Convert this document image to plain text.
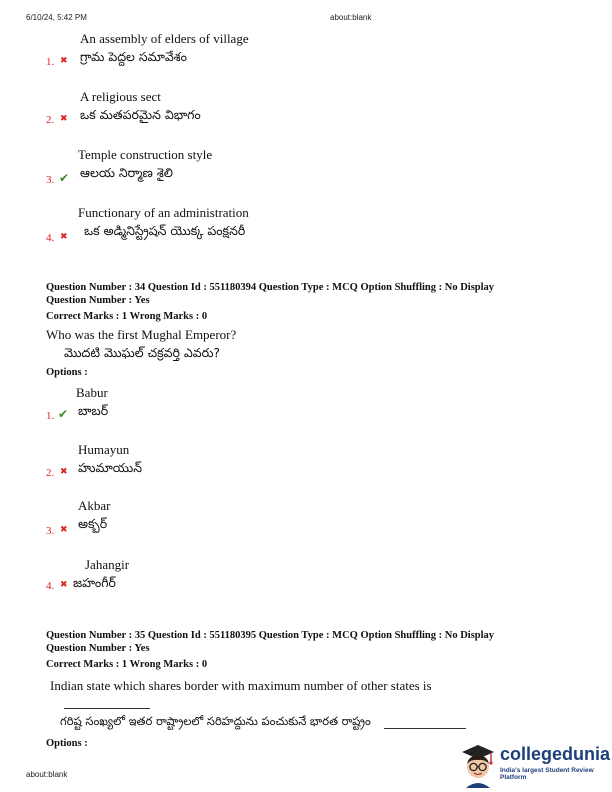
6/10/24, 5:42 PM	about:blank
An assembly of elders of village
1. ✖ గ్రామ పెద్దల సమావేశం
A religious sect
2. ✖ ఒక మతపరమైన విభాగం
Temple construction style
3. ✔ ఆలయ నిర్మాణ శైలి
Functionary of an administration
4. ✖ ఒక అడ్మినిస్ట్రేషన్ యొక్క పంక్షనరీ
Question Number : 34 Question Id : 551180394 Question Type : MCQ Option Shuffling : No Display
Question Number : Yes
Correct Marks : 1 Wrong Marks : 0
Who was the first Mughal Emperor?
మొదటి మొఘల్ చక్రవర్తి ఎవరు?
Options :
Babur
1. ✔ బాబర్
Humayun
2. ✖ హుమాయున్
Akbar
3. ✖ అక్బర్
Jahangir
4. ✖ జహంగీర్
Question Number : 35 Question Id : 551180395 Question Type : MCQ Option Shuffling : No Display
Question Number : Yes
Correct Marks : 1 Wrong Marks : 0
Indian state which shares border with maximum number of other states is
గరిష్ట సంఖ్యలో ఇతర రాష్ట్రాలలో సరిహద్దును పంచుకునే భారత రాష్ట్రం
Options :
about:blank
collegedunia
India's largest Student Review Platform
